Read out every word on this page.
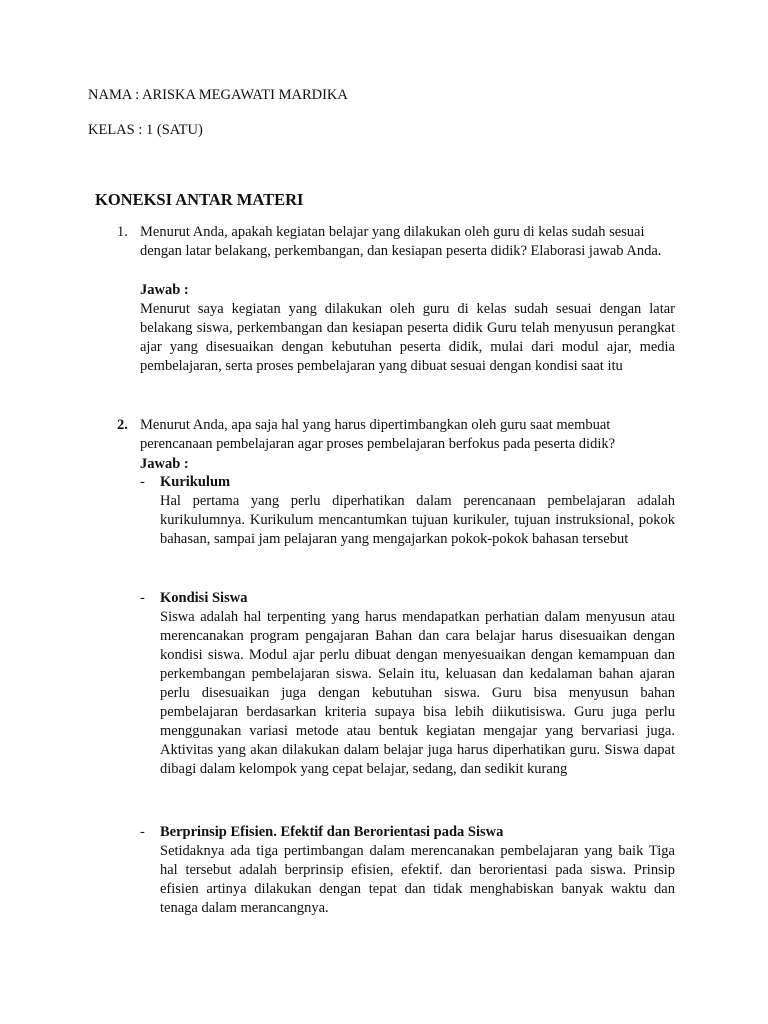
NAMA : ARISKA MEGAWATI MARDIKA
KELAS : 1 (SATU)
KONEKSI ANTAR MATERI
1. Menurut Anda, apakah kegiatan belajar yang dilakukan oleh guru di kelas sudah sesuai dengan latar belakang, perkembangan, dan kesiapan peserta didik? Elaborasi jawab Anda.
Jawab :
Menurut saya kegiatan yang dilakukan oleh guru di kelas sudah sesuai dengan latar belakang siswa, perkembangan dan kesiapan peserta didik Guru telah menyusun perangkat ajar yang disesuaikan dengan kebutuhan peserta didik, mulai dari modul ajar, media pembelajaran, serta proses pembelajaran yang dibuat sesuai dengan kondisi saat itu
2. Menurut Anda, apa saja hal yang harus dipertimbangkan oleh guru saat membuat perencanaan pembelajaran agar proses pembelajaran berfokus pada peserta didik?
Jawab :
- Kurikulum
Hal pertama yang perlu diperhatikan dalam perencanaan pembelajaran adalah kurikulumnya. Kurikulum mencantumkan tujuan kurikuler, tujuan instruksional, pokok bahasan, sampai jam pelajaran yang mengajarkan pokok-pokok bahasan tersebut
- Kondisi Siswa
Siswa adalah hal terpenting yang harus mendapatkan perhatian dalam menyusun atau merencanakan program pengajaran Bahan dan cara belajar harus disesuaikan dengan kondisi siswa. Modul ajar perlu dibuat dengan menyesuaikan dengan kemampuan dan perkembangan pembelajaran siswa. Selain itu, keluasan dan kedalaman bahan ajaran perlu disesuaikan juga dengan kebutuhan siswa. Guru bisa menyusun bahan pembelajaran berdasarkan kriteria supaya bisa lebih diikutisiswa. Guru juga perlu menggunakan variasi metode atau bentuk kegiatan mengajar yang bervariasi juga. Aktivitas yang akan dilakukan dalam belajar juga harus diperhatikan guru. Siswa dapat dibagi dalam kelompok yang cepat belajar, sedang, dan sedikit kurang
- Berprinsip Efisien. Efektif dan Berorientasi pada Siswa
Setidaknya ada tiga pertimbangan dalam merencanakan pembelajaran yang baik Tiga hal tersebut adalah berprinsip efisien, efektif. dan berorientasi pada siswa. Prinsip efisien artinya dilakukan dengan tepat dan tidak menghabiskan banyak waktu dan tenaga dalam merancangnya.
